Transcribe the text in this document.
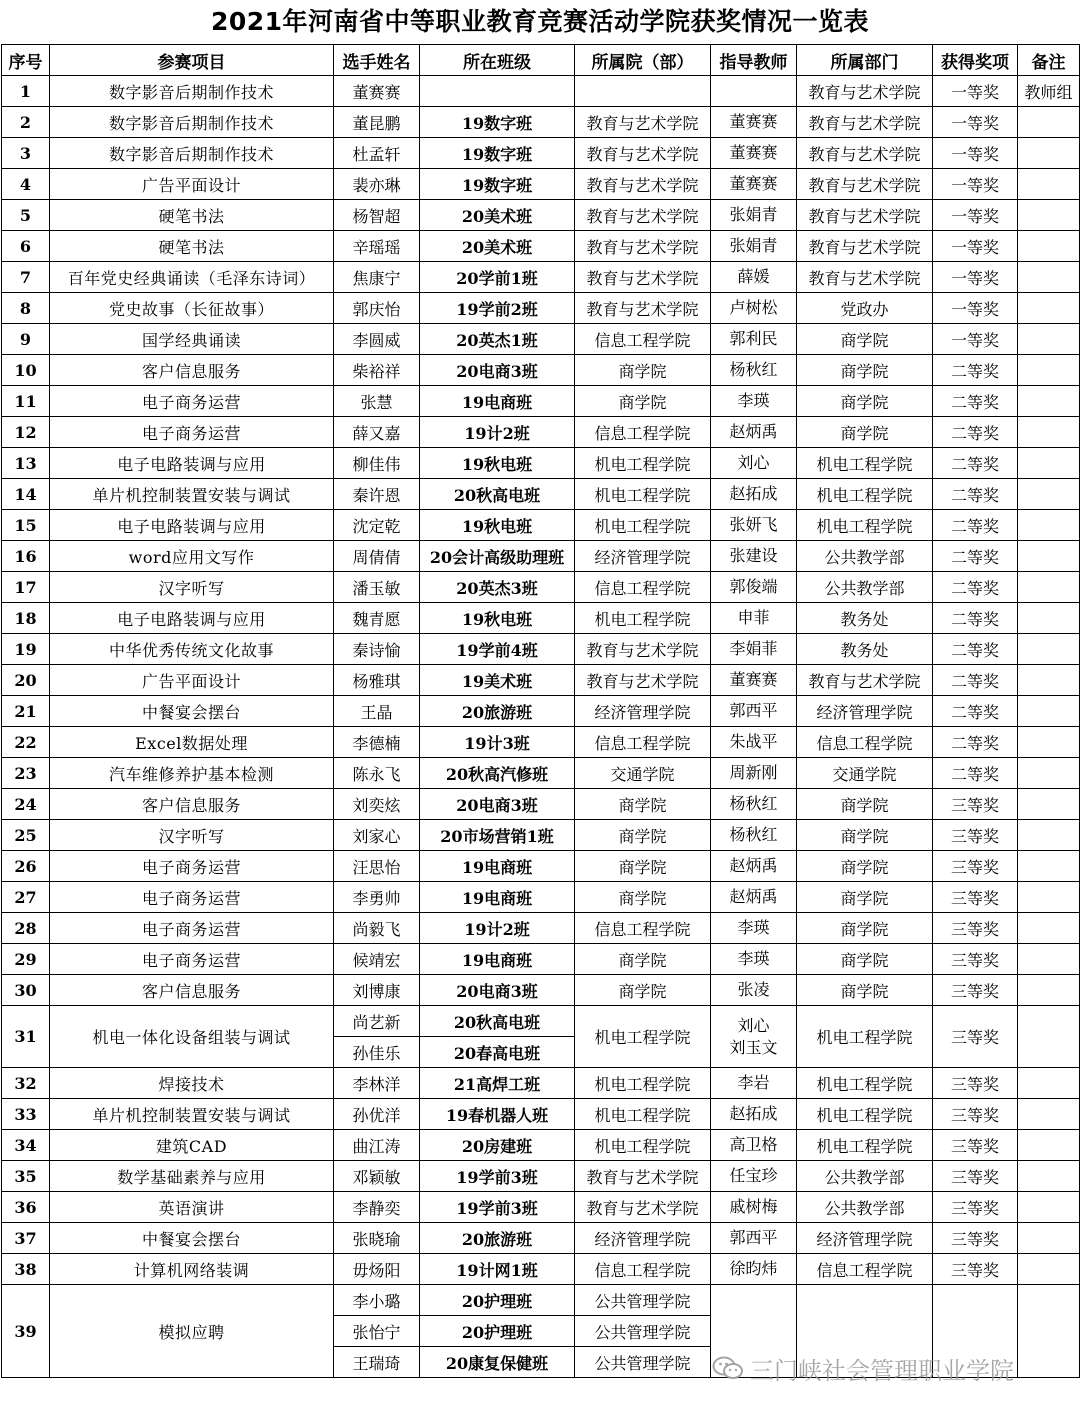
2021年河南省中等职业教育竞赛活动学院获奖情况一览表
序号	参赛项目	选手姓名	所在班级	所属院（部）	指导教师	所属部门	获得奖项	备注
1	数字影音后期制作技术	董赛赛				教育与艺术学院	一等奖	教师组
2	数字影音后期制作技术	董昆鹏	19数字班	教育与艺术学院	董赛赛	教育与艺术学院	一等奖	
3	数字影音后期制作技术	杜孟轩	19数字班	教育与艺术学院	董赛赛	教育与艺术学院	一等奖	
4	广告平面设计	裴亦琳	19数字班	教育与艺术学院	董赛赛	教育与艺术学院	一等奖	
5	硬笔书法	杨智超	20美术班	教育与艺术学院	张娟青	教育与艺术学院	一等奖	
6	硬笔书法	辛瑶瑶	20美术班	教育与艺术学院	张娟青	教育与艺术学院	一等奖	
7	百年党史经典诵读（毛泽东诗词）	焦康宁	20学前1班	教育与艺术学院	薛媛	教育与艺术学院	一等奖	
8	党史故事（长征故事）	郭庆怡	19学前2班	教育与艺术学院	卢树松	党政办	一等奖	
9	国学经典诵读	李圆威	20英杰1班	信息工程学院	郭利民	商学院	一等奖	
10	客户信息服务	柴裕祥	20电商3班	商学院	杨秋红	商学院	二等奖	
11	电子商务运营	张慧	19电商班	商学院	李瑛	商学院	二等奖	
12	电子商务运营	薛又嘉	19计2班	信息工程学院	赵炳禹	商学院	二等奖	
13	电子电路装调与应用	柳佳伟	19秋电班	机电工程学院	刘心	机电工程学院	二等奖	
14	单片机控制装置安装与调试	秦许恩	20秋高电班	机电工程学院	赵拓成	机电工程学院	二等奖	
15	电子电路装调与应用	沈定乾	19秋电班	机电工程学院	张妍飞	机电工程学院	二等奖	
16	word应用文写作	周倩倩	20会计高级助理班	经济管理学院	张建设	公共教学部	二等奖	
17	汉字听写	潘玉敏	20英杰3班	信息工程学院	郭俊端	公共教学部	二等奖	
18	电子电路装调与应用	魏青愿	19秋电班	机电工程学院	申菲	教务处	二等奖	
19	中华优秀传统文化故事	秦诗愉	19学前4班	教育与艺术学院	李娟菲	教务处	二等奖	
20	广告平面设计	杨雅琪	19美术班	教育与艺术学院	董赛赛	教育与艺术学院	二等奖	
21	中餐宴会摆台	王晶	20旅游班	经济管理学院	郭西平	经济管理学院	二等奖	
22	Excel数据处理	李德楠	19计3班	信息工程学院	朱战平	信息工程学院	二等奖	
23	汽车维修养护基本检测	陈永飞	20秋高汽修班	交通学院	周新刚	交通学院	二等奖	
24	客户信息服务	刘奕炫	20电商3班	商学院	杨秋红	商学院	三等奖	
25	汉字听写	刘家心	20市场营销1班	商学院	杨秋红	商学院	三等奖	
26	电子商务运营	汪思怡	19电商班	商学院	赵炳禹	商学院	三等奖	
27	电子商务运营	李勇帅	19电商班	商学院	赵炳禹	商学院	三等奖	
28	电子商务运营	尚毅飞	19计2班	信息工程学院	李瑛	商学院	三等奖	
29	电子商务运营	候靖宏	19电商班	商学院	李瑛	商学院	三等奖	
30	客户信息服务	刘博康	20电商3班	商学院	张凌	商学院	三等奖	
31	机电一体化设备组装与调试	尚艺新	20秋高电班	机电工程学院	刘心
刘玉文	机电工程学院	三等奖	
		孙佳乐	20春高电班					
32	焊接技术	李林洋	21高焊工班	机电工程学院	李岩	机电工程学院	三等奖	
33	单片机控制装置安装与调试	孙优洋	19春机器人班	机电工程学院	赵拓成	机电工程学院	三等奖	
34	建筑CAD	曲江涛	20房建班	机电工程学院	高卫格	机电工程学院	三等奖	
35	数学基础素养与应用	邓颖敏	19学前3班	教育与艺术学院	任宝珍	公共教学部	三等奖	
36	英语演讲	李静奕	19学前3班	教育与艺术学院	戚树梅	公共教学部	三等奖	
37	中餐宴会摆台	张晓瑜	20旅游班	经济管理学院	郭西平	经济管理学院	三等奖	
38	计算机网络装调	毋炀阳	19计网1班	信息工程学院	徐昀炜	信息工程学院	三等奖	
39	模拟应聘	李小璐	20护理班	公共管理学院				
		张怡宁	20护理班	公共管理学院				
		王瑞琦	20康复保健班	公共管理学院				三门峡社会管理职业学院
